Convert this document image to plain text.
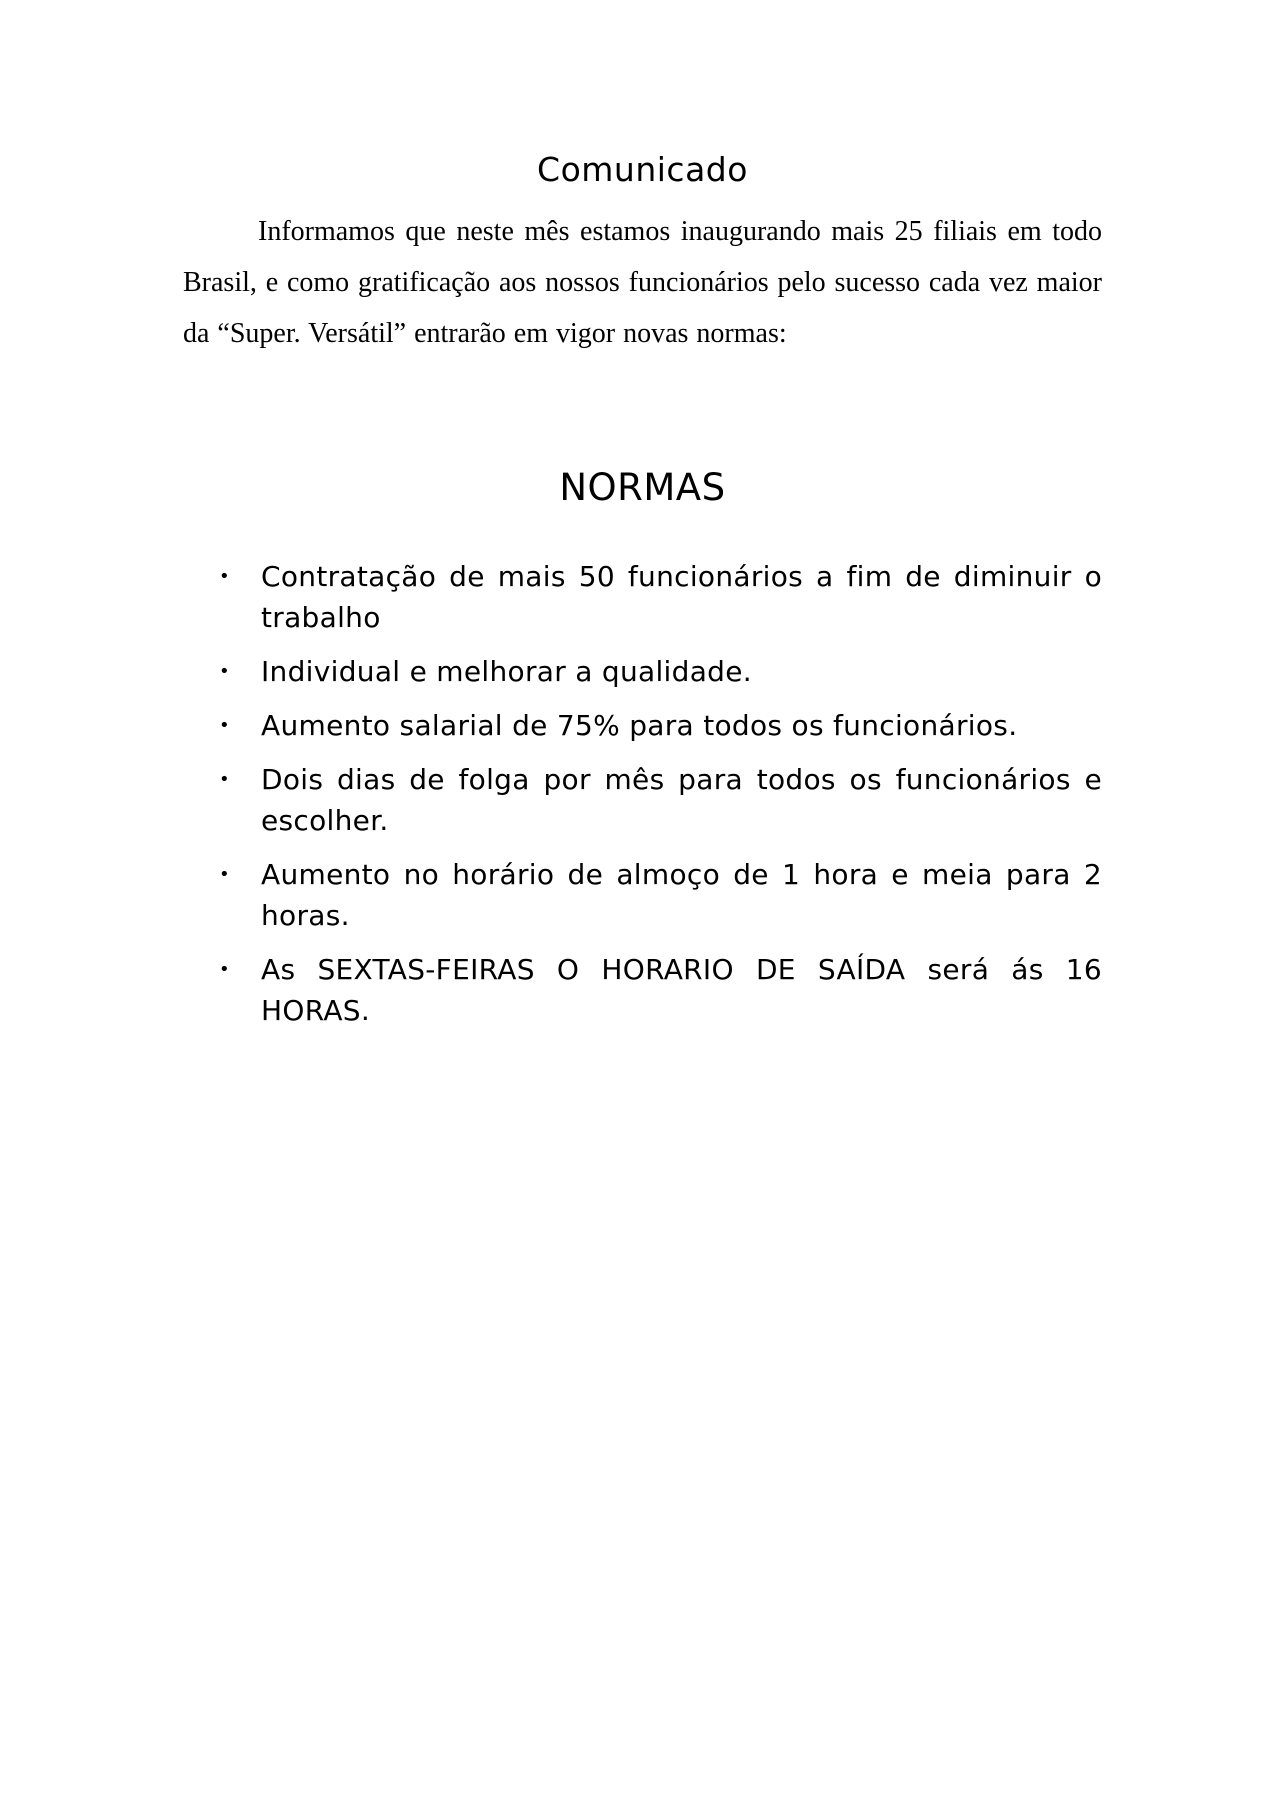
Comunicado

Informamos que neste mês estamos inaugurando mais 25 filiais em todo Brasil, e como gratificação aos nossos funcionários pelo sucesso cada vez maior da “Super. Versátil” entrarão em vigor novas normas:

NORMAS
• Contratação de mais 50 funcionários a fim de diminuir o trabalho
• Individual e melhorar a qualidade.
• Aumento salarial de 75% para todos os funcionários.
• Dois dias de folga por mês para todos os funcionários e escolher.
• Aumento no horário de almoço de 1 hora e meia para 2 horas.
• As SEXTAS-FEIRAS O HORARIO DE SAÍDA será ás 16 HORAS.
